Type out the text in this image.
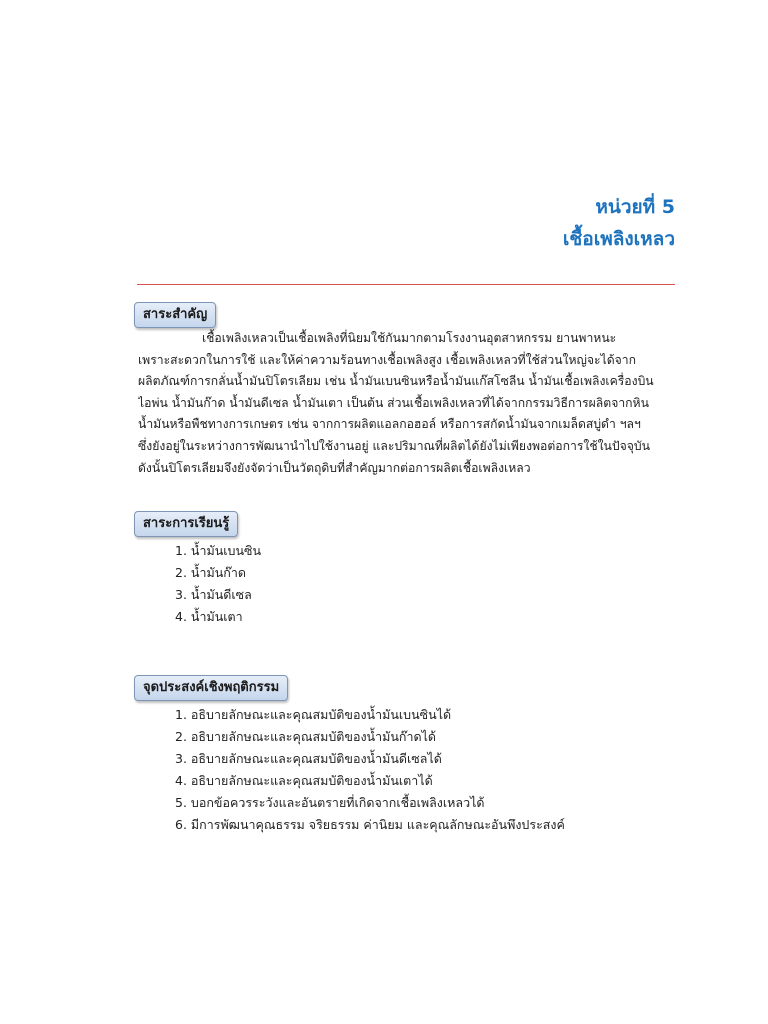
หน่วยที่ 5
เชื้อเพลิงเหลว
สาระสำคัญ
เชื้อเพลิงเหลวเป็นเชื้อเพลิงที่นิยมใช้กันมากตามโรงงานอุตสาหกรรม ยานพาหนะ
เพราะสะดวกในการใช้ และให้ค่าความร้อนทางเชื้อเพลิงสูง เชื้อเพลิงเหลวที่ใช้ส่วนใหญ่จะได้จาก
ผลิตภัณฑ์การกลั่นน้ำมันปิโตรเลียม เช่น น้ำมันเบนซินหรือน้ำมันแก๊สโซลีน น้ำมันเชื้อเพลิงเครื่องบิน
ไอพ่น น้ำมันก๊าด น้ำมันดีเซล น้ำมันเตา เป็นต้น ส่วนเชื้อเพลิงเหลวที่ได้จากกรรมวิธีการผลิตจากหิน
น้ำมันหรือพืชทางการเกษตร เช่น จากการผลิตแอลกอฮอล์ หรือการสกัดน้ำมันจากเมล็ดสบู่ดำ ฯลฯ
ซึ่งยังอยู่ในระหว่างการพัฒนานำไปใช้งานอยู่ และปริมาณที่ผลิตได้ยังไม่เพียงพอต่อการใช้ในปัจจุบัน
ดังนั้นปิโตรเลียมจึงยังจัดว่าเป็นวัตถุดิบที่สำคัญมากต่อการผลิตเชื้อเพลิงเหลว
สาระการเรียนรู้
1. น้ำมันเบนซิน
2. น้ำมันก๊าด
3. น้ำมันดีเซล
4. น้ำมันเตา
จุดประสงค์เชิงพฤติกรรม
1. อธิบายลักษณะและคุณสมบัติของน้ำมันเบนซินได้
2. อธิบายลักษณะและคุณสมบัติของน้ำมันก๊าดได้
3. อธิบายลักษณะและคุณสมบัติของน้ำมันดีเซลได้
4. อธิบายลักษณะและคุณสมบัติของน้ำมันเตาได้
5. บอกข้อควรระวังและอันตรายที่เกิดจากเชื้อเพลิงเหลวได้
6. มีการพัฒนาคุณธรรม จริยธรรม ค่านิยม และคุณลักษณะอันพึงประสงค์
